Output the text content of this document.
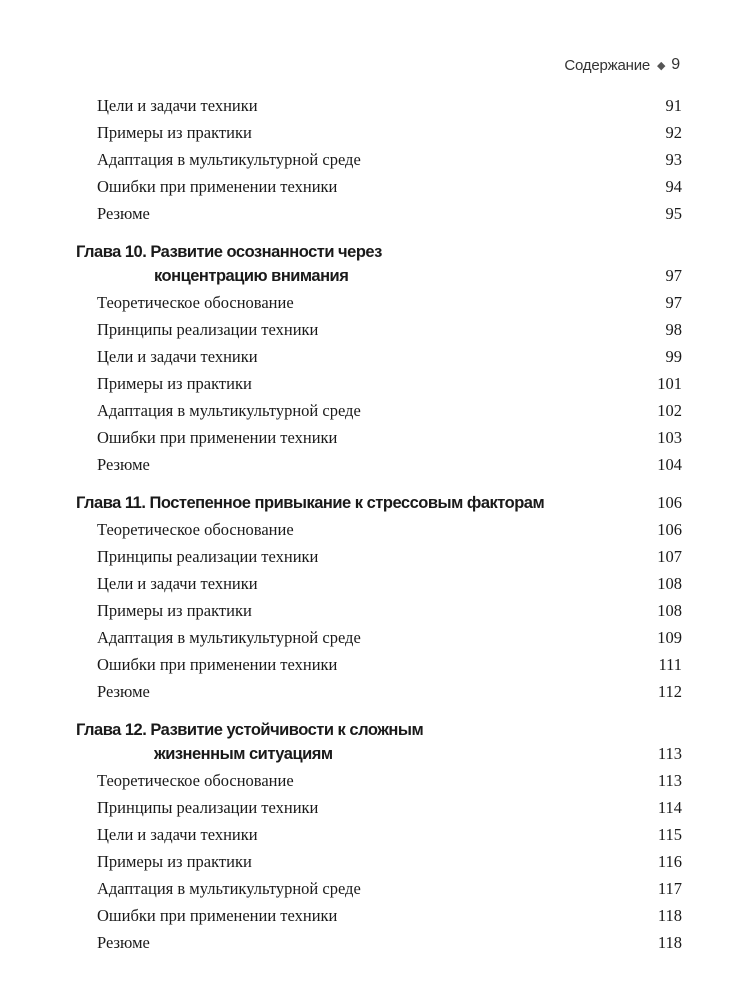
Содержание ◆ 9
Цели и задачи техники	91
Примеры из практики	92
Адаптация в мультикультурной среде	93
Ошибки при применении техники	94
Резюме	95
Глава 10. Развитие осознанности через
концентрацию внимания	97
Теоретическое обоснование	97
Принципы реализации техники	98
Цели и задачи техники	99
Примеры из практики	101
Адаптация в мультикультурной среде	102
Ошибки при применении техники	103
Резюме	104
Глава 11. Постепенное привыкание к стрессовым факторам	106
Теоретическое обоснование	106
Принципы реализации техники	107
Цели и задачи техники	108
Примеры из практики	108
Адаптация в мультикультурной среде	109
Ошибки при применении техники	111
Резюме	112
Глава 12. Развитие устойчивости к сложным
жизненным ситуациям	113
Теоретическое обоснование	113
Принципы реализации техники	114
Цели и задачи техники	115
Примеры из практики	116
Адаптация в мультикультурной среде	117
Ошибки при применении техники	118
Резюме	118
